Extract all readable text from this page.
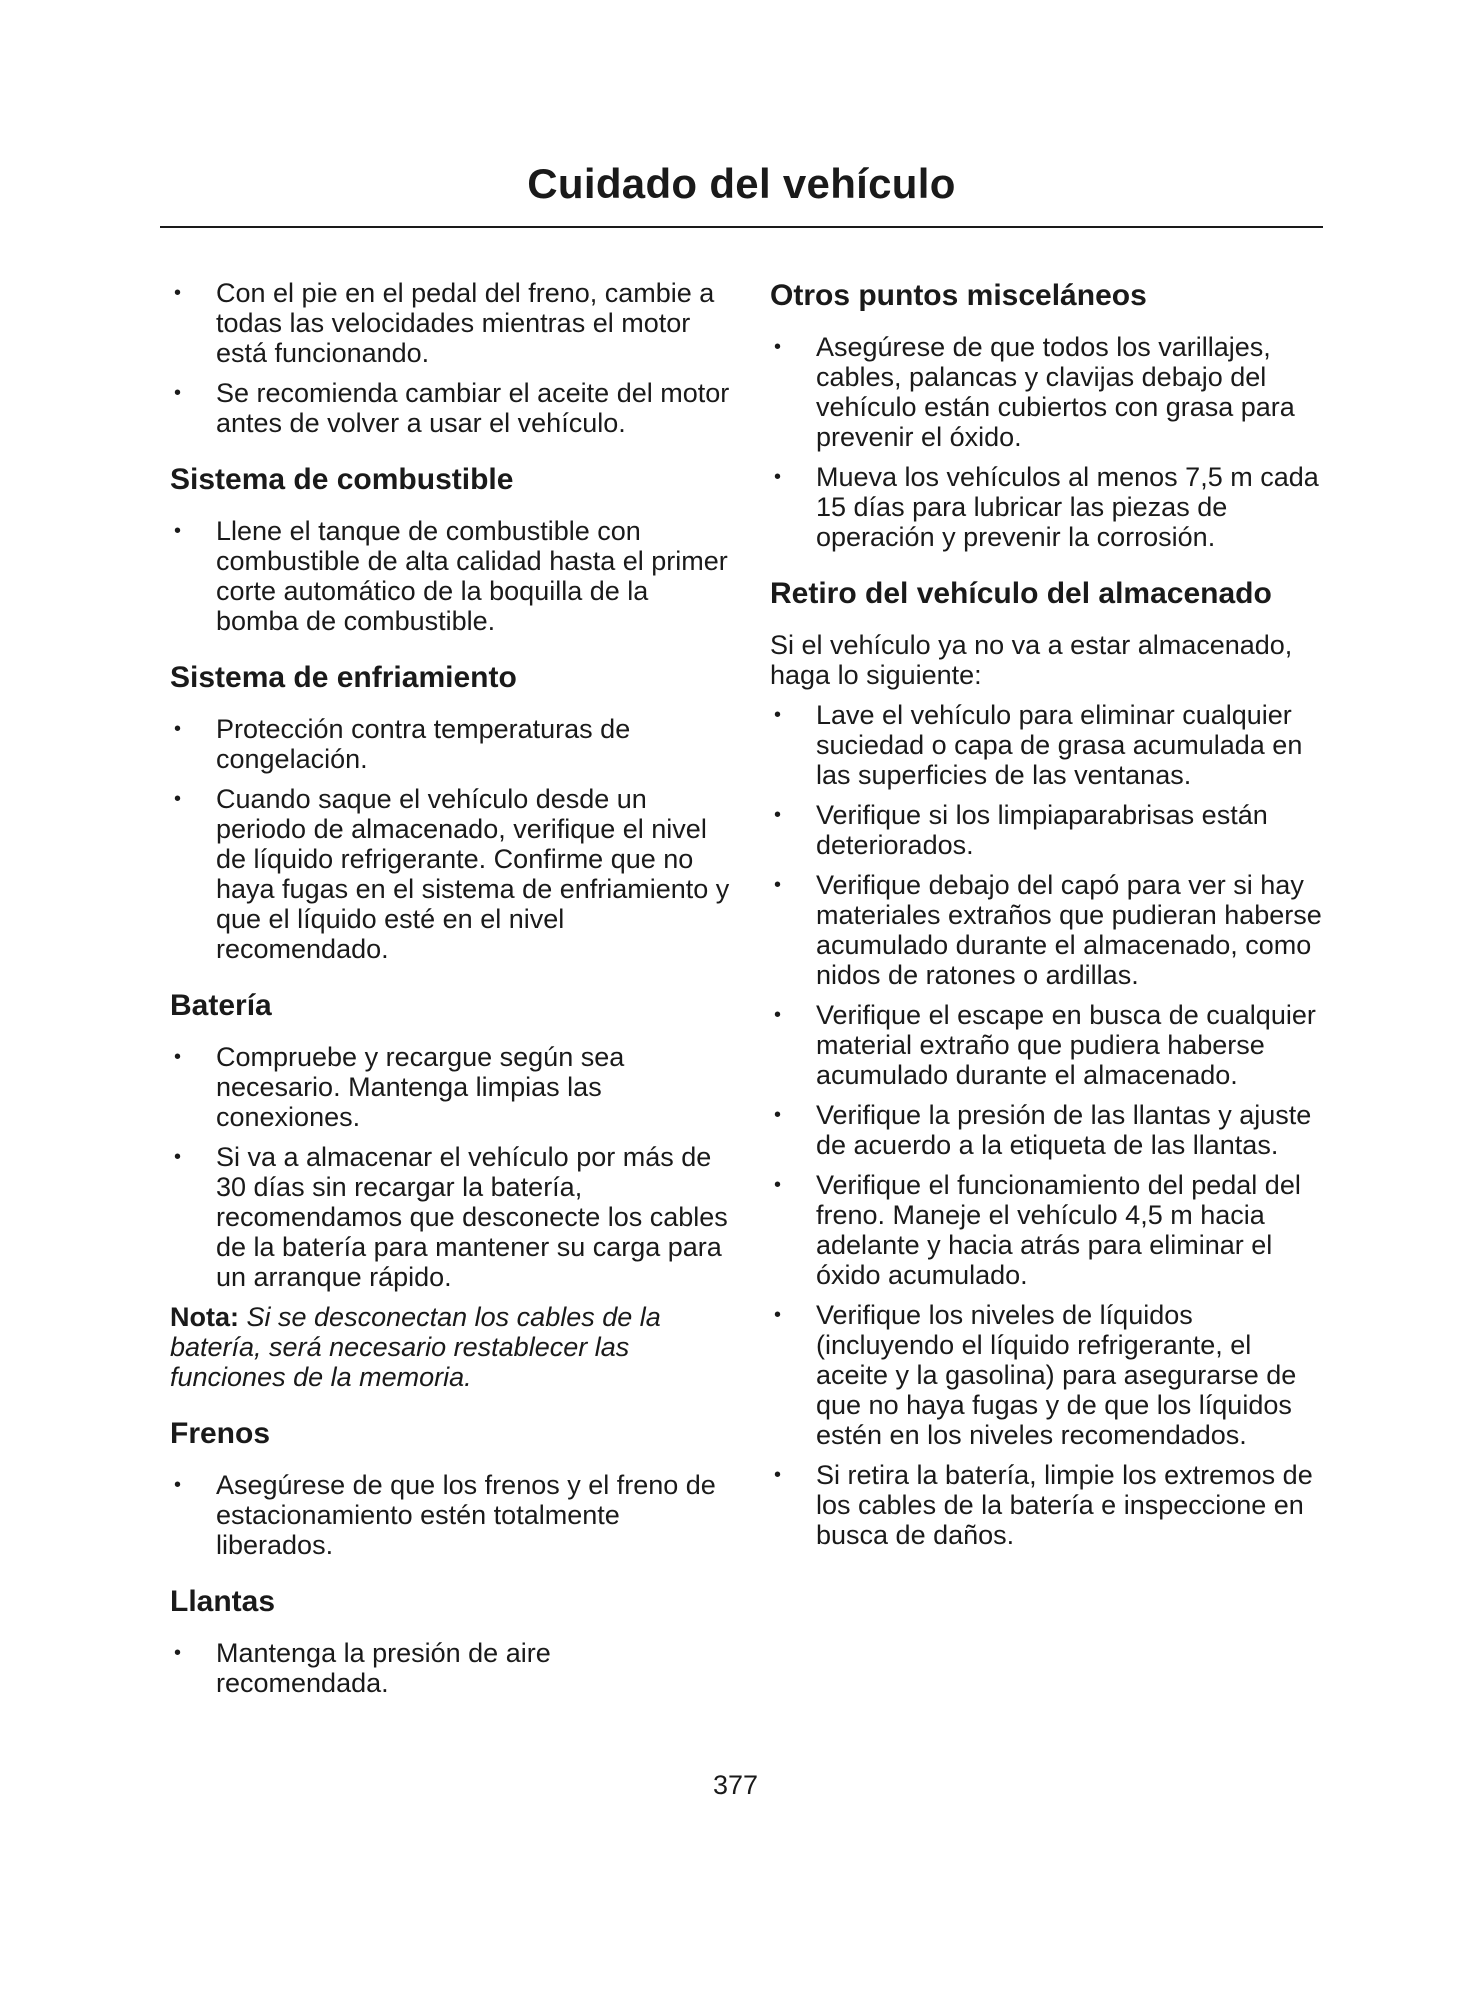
Cuidado del vehículo
• Con el pie en el pedal del freno, cambie a todas las velocidades mientras el motor está funcionando.
• Se recomienda cambiar el aceite del motor antes de volver a usar el vehículo.
Sistema de combustible
• Llene el tanque de combustible con combustible de alta calidad hasta el primer corte automático de la boquilla de la bomba de combustible.
Sistema de enfriamiento
• Protección contra temperaturas de congelación.
• Cuando saque el vehículo desde un periodo de almacenado, verifique el nivel de líquido refrigerante. Confirme que no haya fugas en el sistema de enfriamiento y que el líquido esté en el nivel recomendado.
Batería
• Compruebe y recargue según sea necesario. Mantenga limpias las conexiones.
• Si va a almacenar el vehículo por más de 30 días sin recargar la batería, recomendamos que desconecte los cables de la batería para mantener su carga para un arranque rápido.

Nota: Si se desconectan los cables de la batería, será necesario restablecer las funciones de la memoria.

Frenos
• Asegúrese de que los frenos y el freno de estacionamiento estén totalmente liberados.
Llantas
• Mantenga la presión de aire recomendada.
Otros puntos misceláneos
• Asegúrese de que todos los varillajes, cables, palancas y clavijas debajo del vehículo están cubiertos con grasa para prevenir el óxido.
• Mueva los vehículos al menos 7,5 m cada 15 días para lubricar las piezas de operación y prevenir la corrosión.
Retiro del vehículo del almacenado

Si el vehículo ya no va a estar almacenado, haga lo siguiente:

• Lave el vehículo para eliminar cualquier suciedad o capa de grasa acumulada en las superficies de las ventanas.
• Verifique si los limpiaparabrisas están deteriorados.
• Verifique debajo del capó para ver si hay materiales extraños que pudieran haberse acumulado durante el almacenado, como nidos de ratones o ardillas.
• Verifique el escape en busca de cualquier material extraño que pudiera haberse acumulado durante el almacenado.
• Verifique la presión de las llantas y ajuste de acuerdo a la etiqueta de las llantas.
• Verifique el funcionamiento del pedal del freno. Maneje el vehículo 4,5 m hacia adelante y hacia atrás para eliminar el óxido acumulado.
• Verifique los niveles de líquidos (incluyendo el líquido refrigerante, el aceite y la gasolina) para asegurarse de que no haya fugas y de que los líquidos estén en los niveles recomendados.
• Si retira la batería, limpie los extremos de los cables de la batería e inspeccione en busca de daños.
377
